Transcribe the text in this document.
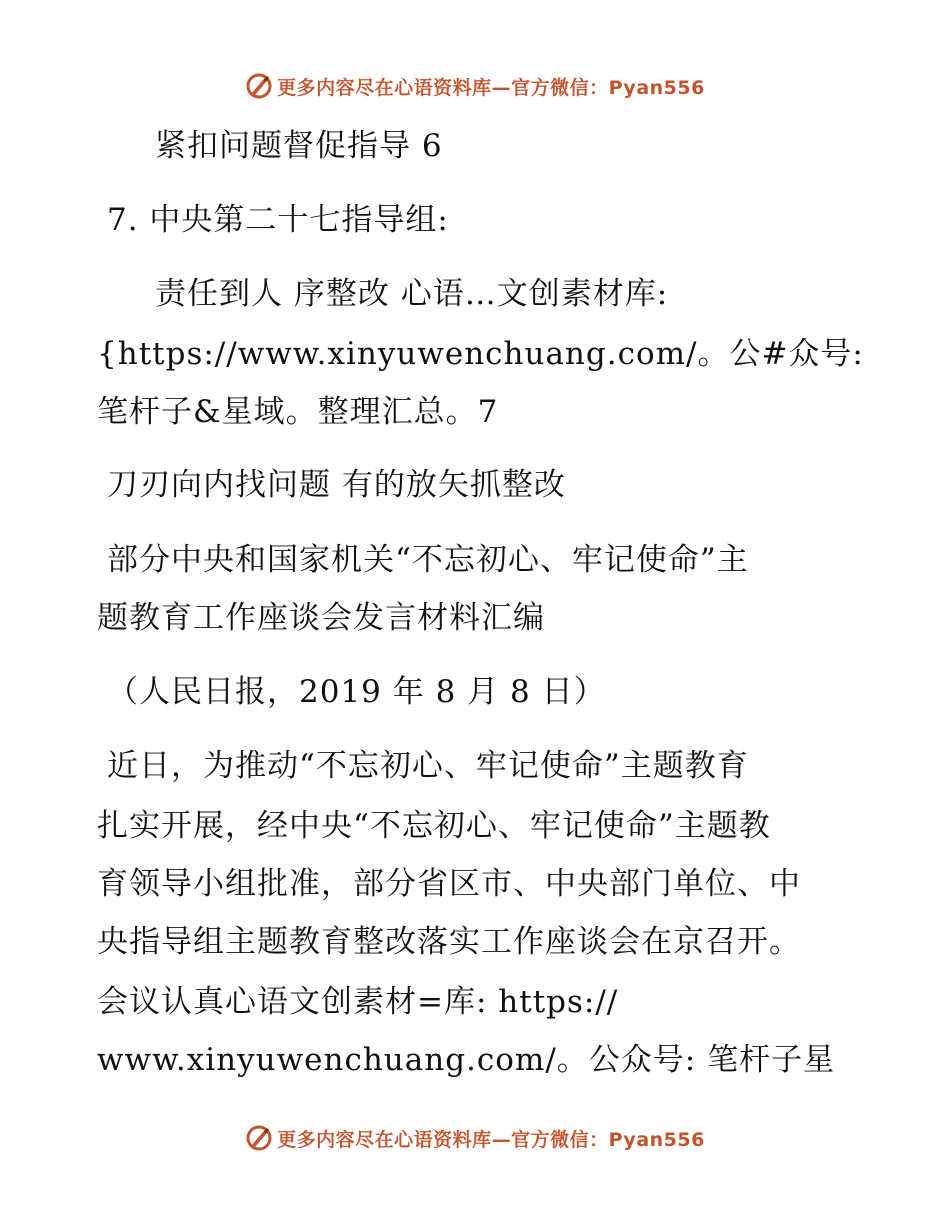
更多内容尽在心语资料库—官方微信：Pyan556
紧扣问题督促指导 6
7. 中央第二十七指导组:
责任到人 序整改 心语…文创素材库:
{https://www.xinyuwenchuang.com/。公#众号:
笔杆子&星域。整理汇总。7
刀刃向内找问题 有的放矢抓整改
部分中央和国家机关“不忘初心、牢记使命”主
题教育工作座谈会发言材料汇编
（人民日报，2019 年 8 月 8 日）
近日，为推动“不忘初心、牢记使命”主题教育
扎实开展，经中央“不忘初心、牢记使命”主题教
育领导小组批准，部分省区市、中央部门单位、中
央指导组主题教育整改落实工作座谈会在京召开。
会议认真心语文创素材=库: https://
www.xinyuwenchuang.com/。公众号: 笔杆子星
更多内容尽在心语资料库—官方微信：Pyan556
